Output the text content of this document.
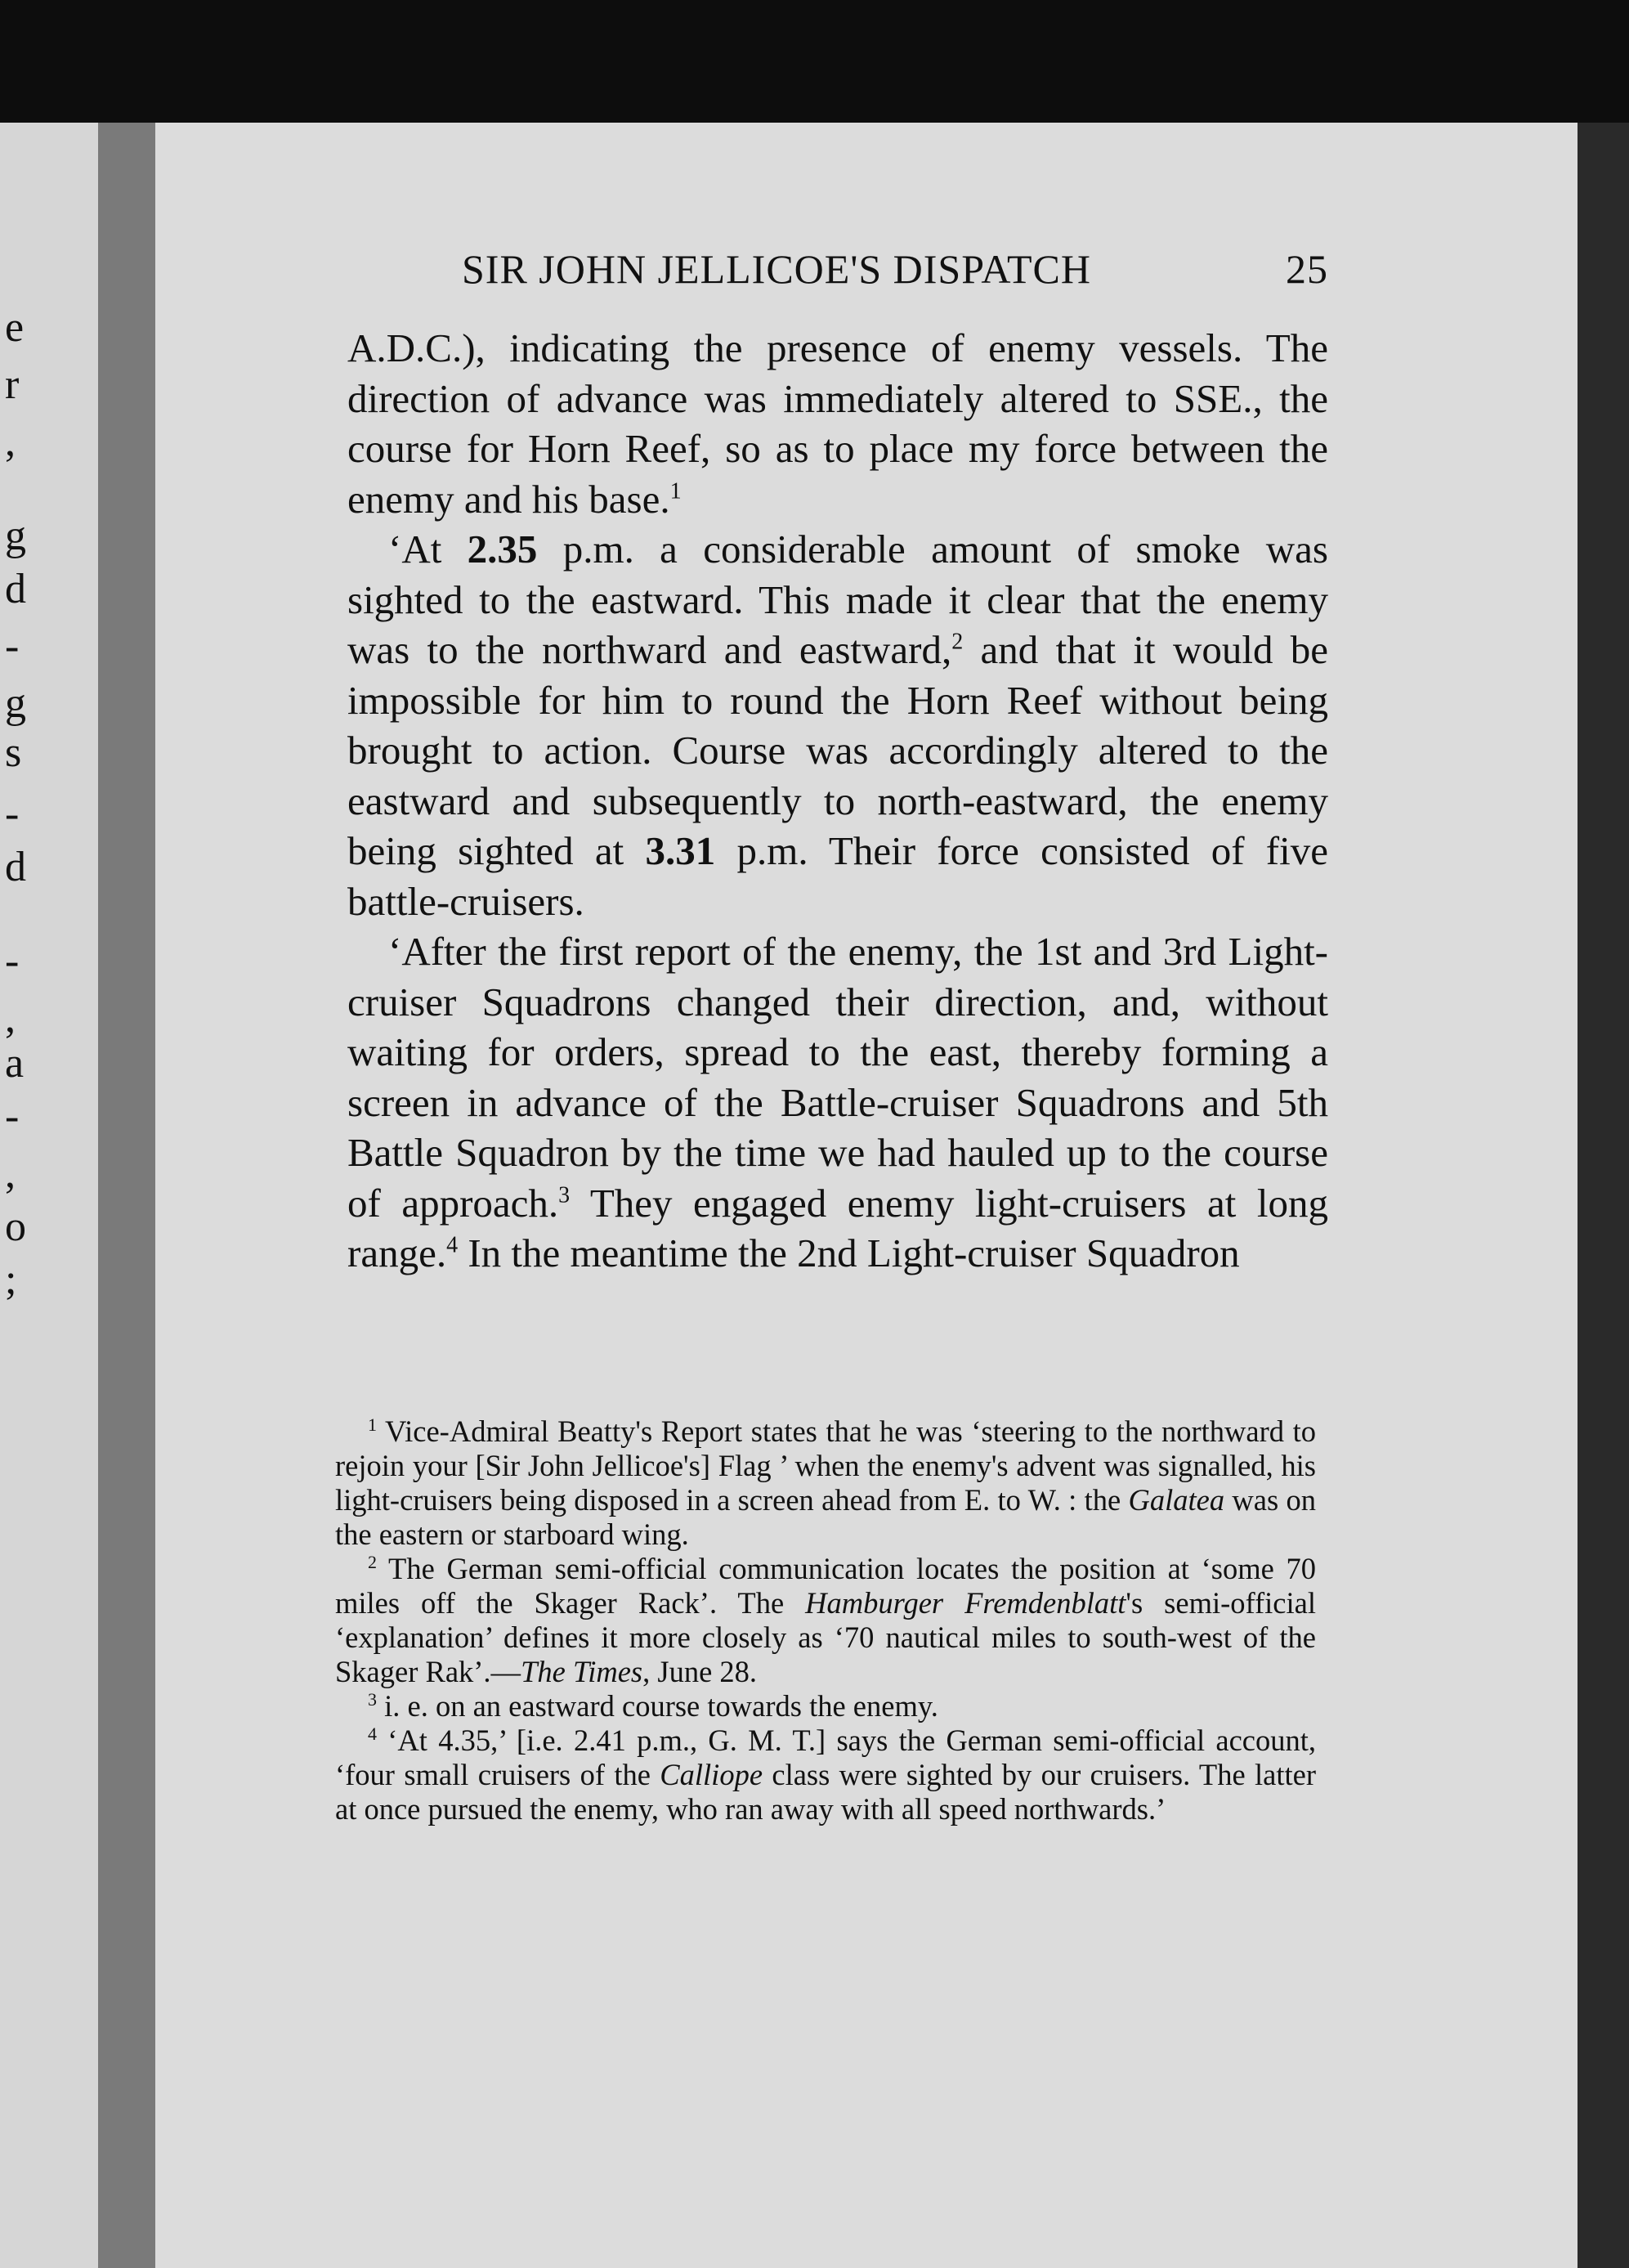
e
r
,
g
d
-
g
s
-
d
-
,
a
-
,
o
;
SIR JOHN JELLICOE'S DISPATCH	25

A.D.C.), indicating the presence of enemy vessels. The direction of advance was immediately altered to SSE., the course for Horn Reef, so as to place my force between the enemy and his base.$^1$

‘At 2.35 p.m. a considerable amount of smoke was sighted to the eastward. This made it clear that the enemy was to the northward and eastward,$^2$ and that it would be impossible for him to round the Horn Reef without being brought to action. Course was accordingly altered to the eastward and subsequently to north-eastward, the enemy being sighted at 3.31 p.m. Their force consisted of five battle-cruisers.

‘After the first report of the enemy, the 1st and 3rd Light-cruiser Squadrons changed their direction, and, without waiting for orders, spread to the east, thereby forming a screen in advance of the Battle-cruiser Squadrons and 5th Battle Squadron by the time we had hauled up to the course of approach.$^3$ They engaged enemy light-cruisers at long range.$^4$ In the meantime the 2nd Light-cruiser Squadron

$^1$ Vice-Admiral Beatty's Report states that he was ‘steering to the northward to rejoin your [Sir John Jellicoe's] Flag ’ when the enemy's advent was signalled, his light-cruisers being disposed in a screen ahead from E. to W. : the Galatea was on the eastern or starboard wing.

$^2$ The German semi-official communication locates the position at ‘some 70 miles off the Skager Rack’. The Hamburger Fremdenblatt's semi-official ‘explanation’ defines it more closely as ‘70 nautical miles to south-west of the Skager Rak’.—The Times, June 28.

$^3$ i. e. on an eastward course towards the enemy.

$^4$ ‘At 4.35,’ [i.e. 2.41 p.m., G. M. T.] says the German semi-official account, ‘four small cruisers of the Calliope class were sighted by our cruisers. The latter at once pursued the enemy, who ran away with all speed northwards.’
